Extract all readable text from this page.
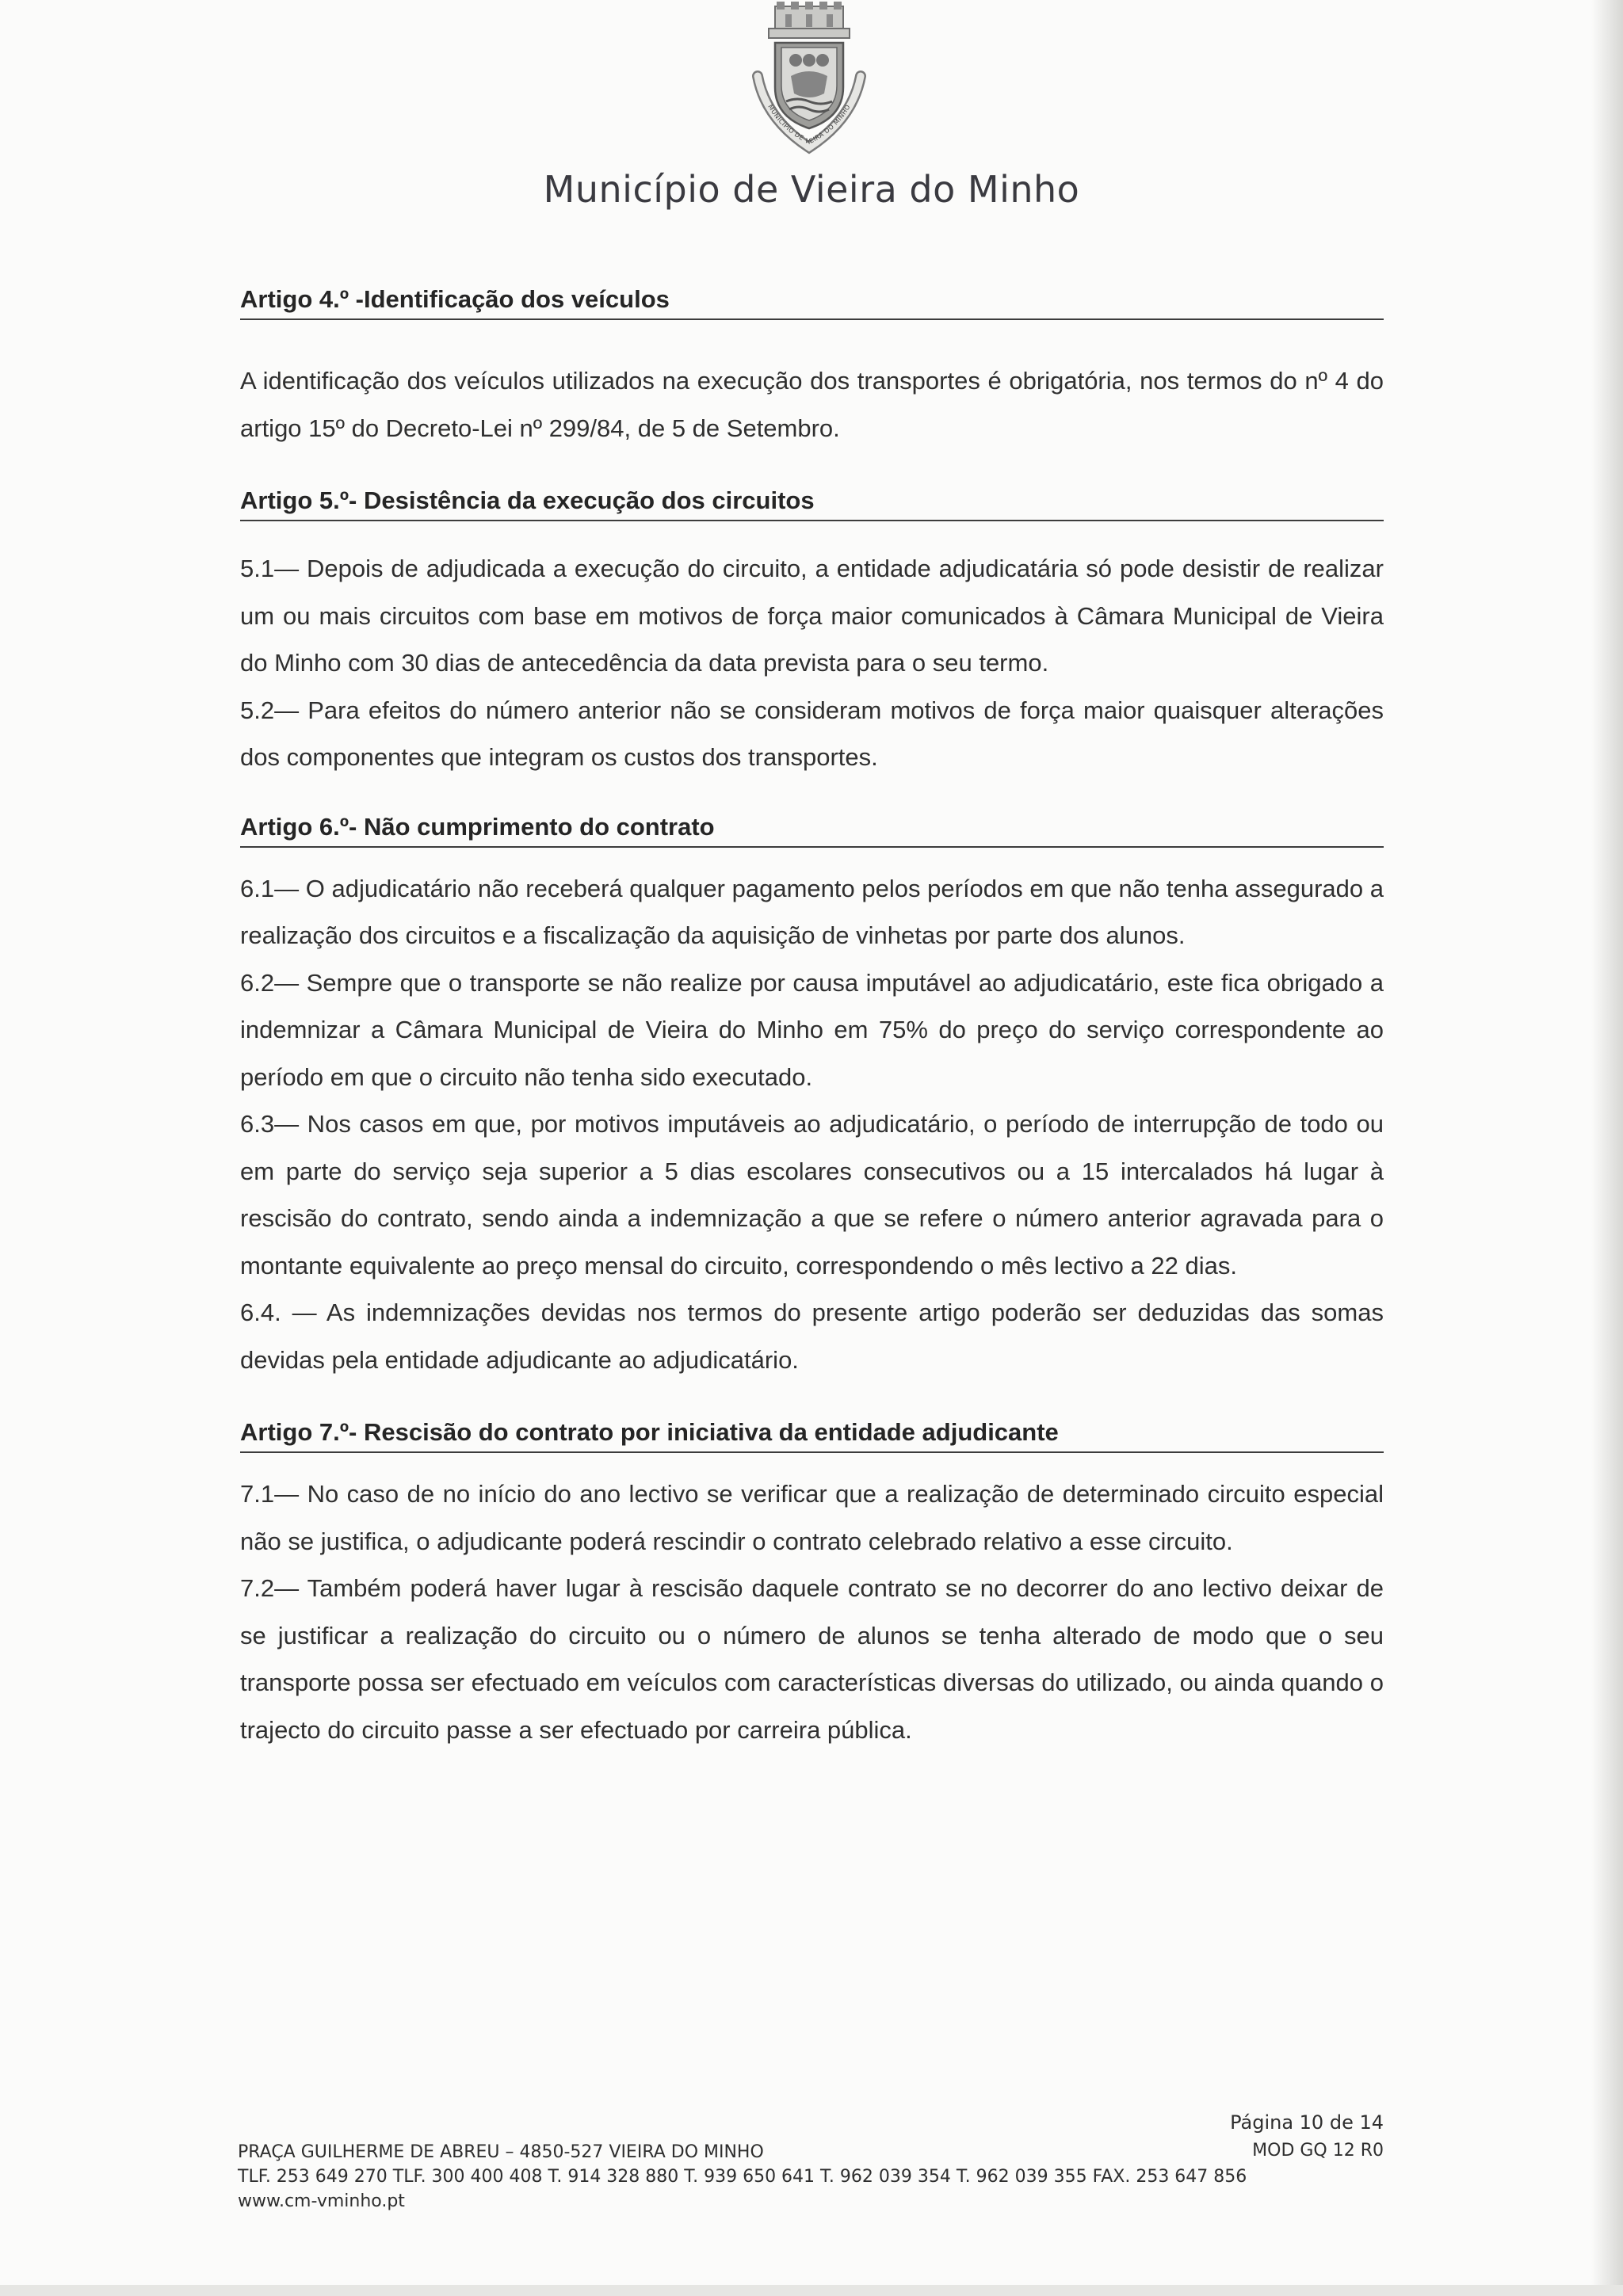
MUNICÍPIO DE VIEIRA DO MINHO
Município de Vieira do Minho
Artigo 4.º -Identificação dos veículos

A identificação dos veículos utilizados na execução dos transportes é obrigatória, nos termos do nº 4 do artigo 15º do Decreto-Lei nº 299/84, de 5 de Setembro.

Artigo 5.º- Desistência da execução dos circuitos

5.1— Depois de adjudicada a execução do circuito, a entidade adjudicatária só pode desistir de realizar um ou mais circuitos com base em motivos de força maior comunicados à Câmara Municipal de Vieira do Minho com 30 dias de antecedência da data prevista para o seu termo.

5.2— Para efeitos do número anterior não se consideram motivos de força maior quaisquer alterações dos componentes que integram os custos dos transportes.

Artigo 6.º- Não cumprimento do contrato

6.1— O adjudicatário não receberá qualquer pagamento pelos períodos em que não tenha assegurado a realização dos circuitos e a fiscalização da aquisição de vinhetas por parte dos alunos.

6.2— Sempre que o transporte se não realize por causa imputável ao adjudicatário, este fica obrigado a indemnizar a Câmara Municipal de Vieira do Minho em 75% do preço do serviço correspondente ao período em que o circuito não tenha sido executado.

6.3— Nos casos em que, por motivos imputáveis ao adjudicatário, o período de interrupção de todo ou em parte do serviço seja superior a 5 dias escolares consecutivos ou a 15 intercalados há lugar à rescisão do contrato, sendo ainda a indemnização a que se refere o número anterior agravada para o montante equivalente ao preço mensal do circuito, correspondendo o mês lectivo a 22 dias.

6.4. — As indemnizações devidas nos termos do presente artigo poderão ser deduzidas das somas devidas pela entidade adjudicante ao adjudicatário.

Artigo 7.º- Rescisão do contrato por iniciativa da entidade adjudicante

7.1— No caso de no início do ano lectivo se verificar que a realização de determinado circuito especial não se justifica, o adjudicante poderá rescindir o contrato celebrado relativo a esse circuito.

7.2— Também poderá haver lugar à rescisão daquele contrato se no decorrer do ano lectivo deixar de se justificar a realização do circuito ou o número de alunos se tenha alterado de modo que o seu transporte possa ser efectuado em veículos com características diversas do utilizado, ou ainda quando o trajecto do circuito passe a ser efectuado por carreira pública.

PRAÇA GUILHERME DE ABREU – 4850-527 VIEIRA DO MINHO
TLF. 253 649 270 TLF. 300 400 408 T. 914 328 880 T. 939 650 641 T. 962 039 354 T. 962 039 355 FAX. 253 647 856
www.cm-vminho.pt
Página 10 de 14
MOD GQ 12 R0
